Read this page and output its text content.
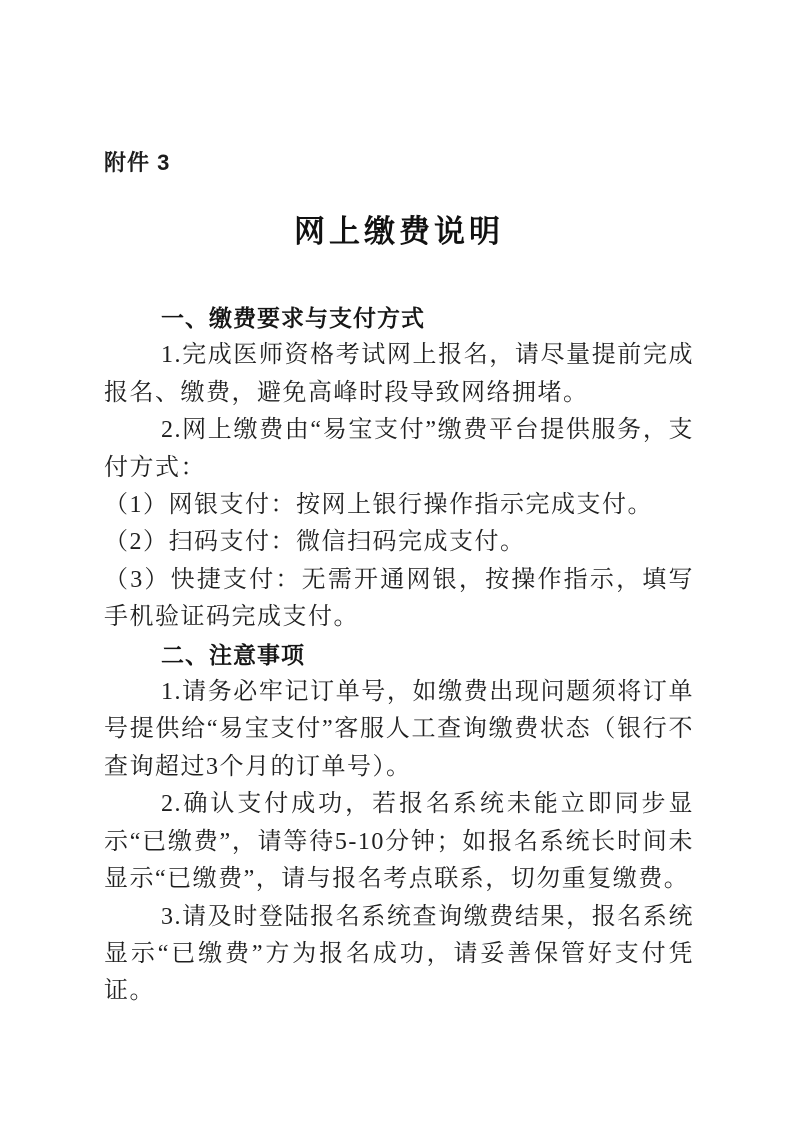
附件 3

网上缴费说明
一、缴费要求与支付方式

1.完成医师资格考试网上报名，请尽量提前完成报名、缴费，避免高峰时段导致网络拥堵。

2.网上缴费由“易宝支付”缴费平台提供服务，支付方式：

（1）网银支付：按网上银行操作指示完成支付。

（2）扫码支付：微信扫码完成支付。

（3）快捷支付：无需开通网银，按操作指示，填写手机验证码完成支付。

二、注意事项

1.请务必牢记订单号，如缴费出现问题须将订单号提供给“易宝支付”客服人工查询缴费状态（银行不查询超过3个月的订单号）。

2.确认支付成功，若报名系统未能立即同步显示“已缴费”，请等待5-10分钟；如报名系统长时间未显示“已缴费”，请与报名考点联系，切勿重复缴费。

3.请及时登陆报名系统查询缴费结果，报名系统显示“已缴费”方为报名成功，请妥善保管好支付凭证。
